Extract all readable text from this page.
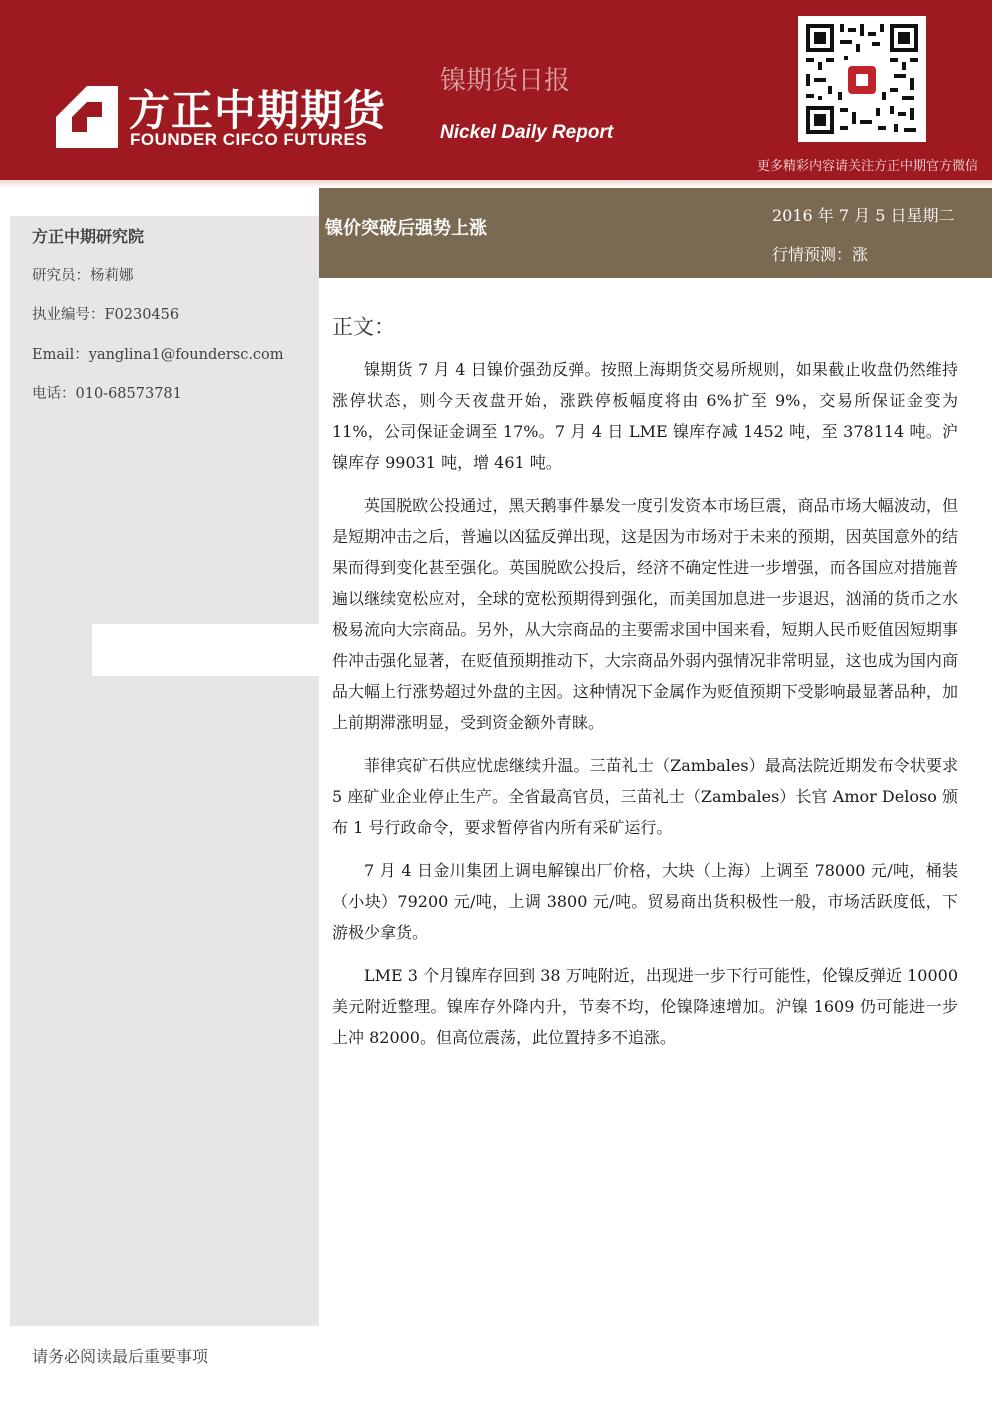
方正中期期货
FOUNDER CIFCO FUTURES
镍期货日报
Nickel Daily Report
更多精彩内容请关注方正中期官方微信
方正中期研究院
研究员：杨莉娜
执业编号：F0230456
Email：yanglina1@foundersc.com
电话：010-68573781
请务必阅读最后重要事项
镍价突破后强势上涨
2016 年 7 月 5 日星期二
行情预测：涨
正文：

镍期货 7 月 4 日镍价强劲反弹。按照上海期货交易所规则，如果截止收盘仍然维持涨停状态，则今天夜盘开始，涨跌停板幅度将由 6%扩至 9%，交易所保证金变为 11%，公司保证金调至 17%。7 月 4 日 LME 镍库存减 1452 吨，至 378114 吨。沪镍库存 99031 吨，增 461 吨。

英国脱欧公投通过，黑天鹅事件暴发一度引发资本市场巨震，商品市场大幅波动，但是短期冲击之后，普遍以凶猛反弹出现，这是因为市场对于未来的预期，因英国意外的结果而得到变化甚至强化。英国脱欧公投后，经济不确定性进一步增强，而各国应对措施普遍以继续宽松应对，全球的宽松预期得到强化，而美国加息进一步退迟，汹涌的货币之水极易流向大宗商品。另外，从大宗商品的主要需求国中国来看，短期人民币贬值因短期事件冲击强化显著，在贬值预期推动下，大宗商品外弱内强情况非常明显，这也成为国内商品大幅上行涨势超过外盘的主因。这种情况下金属作为贬值预期下受影响最显著品种，加上前期滞涨明显，受到资金额外青睐。

菲律宾矿石供应忧虑继续升温。三苗礼士（Zambales）最高法院近期发布令状要求 5 座矿业企业停止生产。全省最高官员，三苗礼士（Zambales）长官 Amor Deloso 颁布 1 号行政命令，要求暂停省内所有采矿运行。

7 月 4 日金川集团上调电解镍出厂价格，大块（上海）上调至 78000 元/吨，桶装（小块）79200 元/吨，上调 3800 元/吨。贸易商出货积极性一般，市场活跃度低，下游极少拿货。

LME 3 个月镍库存回到 38 万吨附近，出现进一步下行可能性，伦镍反弹近 10000 美元附近整理。镍库存外降内升，节奏不均，伦镍降速增加。沪镍 1609 仍可能进一步上冲 82000。但高位震荡，此位置持多不追涨。
